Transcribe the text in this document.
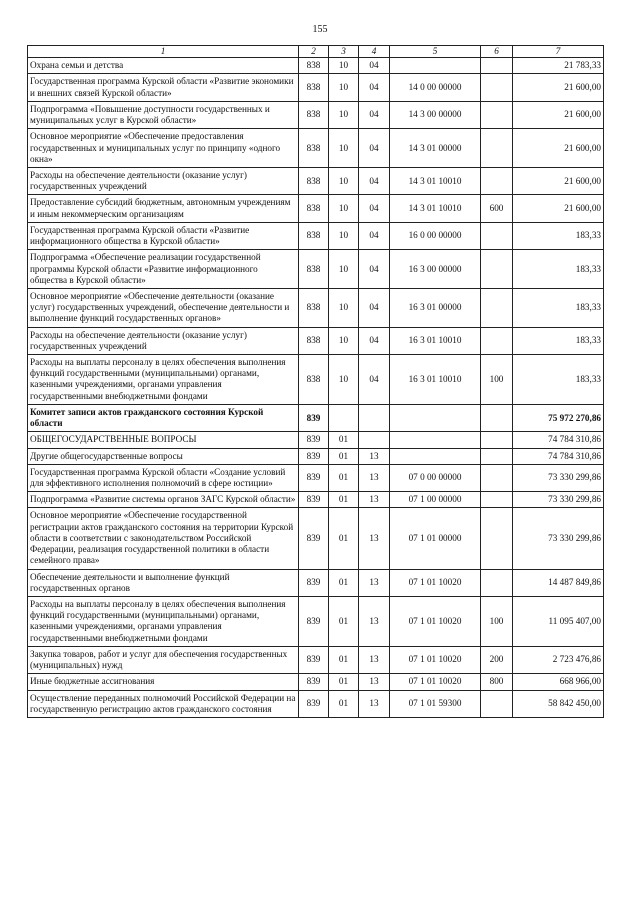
155
1	2	3	4	5	6	7
Охрана семьи и детства	838	10	04			21 783,33
Государственная программа Курской области «Развитие экономики и внешних связей Курской области»	838	10	04	14 0 00 00000		21 600,00
Подпрограмма «Повышение доступности государственных и муниципальных услуг в Курской области»	838	10	04	14 3 00 00000		21 600,00
Основное мероприятие «Обеспечение предоставления государственных и муниципальных услуг по принципу «одного окна»	838	10	04	14 3 01 00000		21 600,00
Расходы на обеспечение деятельности (оказание услуг) государственных учреждений	838	10	04	14 3 01 10010		21 600,00
Предоставление субсидий бюджетным, автономным учреждениям и иным некоммерческим организациям	838	10	04	14 3 01 10010	600	21 600,00
Государственная программа Курской области «Развитие информационного общества в Курской области»	838	10	04	16 0 00 00000		183,33
Подпрограмма «Обеспечение реализации государственной программы Курской области «Развитие информационного общества в Курской области»	838	10	04	16 3 00 00000		183,33
Основное мероприятие «Обеспечение деятельности (оказание услуг) государственных учреждений, обеспечение деятельности и выполнение функций государственных органов»	838	10	04	16 3 01 00000		183,33
Расходы на обеспечение деятельности (оказание услуг) государственных учреждений	838	10	04	16 3 01 10010		183,33
Расходы на выплаты персоналу в целях обеспечения выполнения функций государственными (муниципальными) органами, казенными учреждениями, органами управления государственными внебюджетными фондами	838	10	04	16 3 01 10010	100	183,33
Комитет записи актов гражданского состояния Курской области	839					75 972 270,86
ОБЩЕГОСУДАРСТВЕННЫЕ ВОПРОСЫ	839	01				74 784 310,86
Другие общегосударственные вопросы	839	01	13			74 784 310,86
Государственная программа Курской области «Создание условий для эффективного исполнения полномочий в сфере юстиции»	839	01	13	07 0 00 00000		73 330 299,86
Подпрограмма «Развитие системы органов ЗАГС Курской области»	839	01	13	07 1 00 00000		73 330 299,86
Основное мероприятие «Обеспечение государственной регистрации актов гражданского состояния на территории Курской области в соответствии с законодательством Российской Федерации, реализация государственной политики в области семейного права»	839	01	13	07 1 01 00000		73 330 299,86
Обеспечение деятельности и выполнение функций государственных органов	839	01	13	07 1 01 10020		14 487 849,86
Расходы на выплаты персоналу в целях обеспечения выполнения функций государственными (муниципальными) органами, казенными учреждениями, органами управления государственными внебюджетными фондами	839	01	13	07 1 01 10020	100	11 095 407,00
Закупка товаров, работ и услуг для обеспечения государственных (муниципальных) нужд	839	01	13	07 1 01 10020	200	2 723 476,86
Иные бюджетные ассигнования	839	01	13	07 1 01 10020	800	668 966,00
Осуществление переданных полномочий Российской Федерации на государственную регистрацию актов гражданского состояния	839	01	13	07 1 01 59300		58 842 450,00
